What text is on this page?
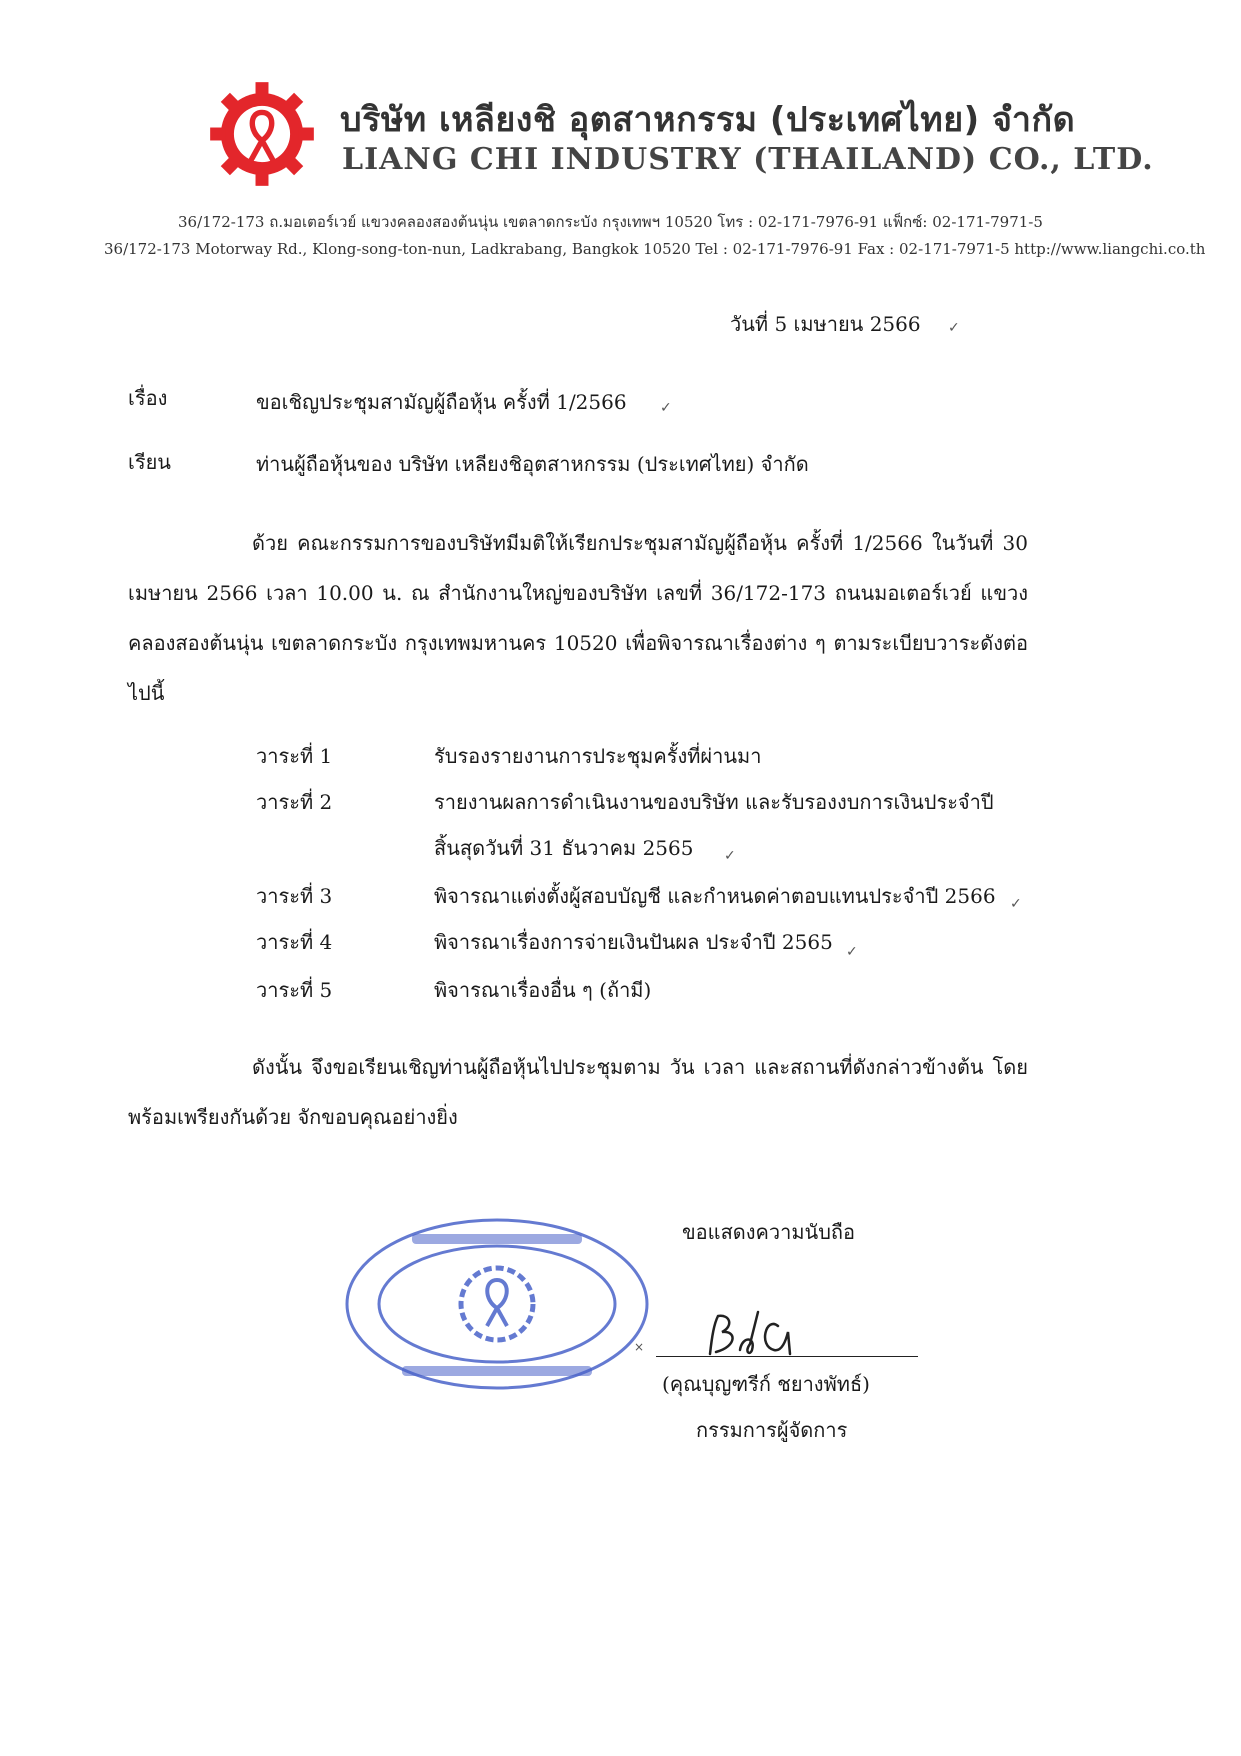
บริษัท เหลียงชิ อุตสาหกรรม (ประเทศไทย) จำกัด
LIANG CHI INDUSTRY (THAILAND) CO., LTD.
36/172-173 ถ.มอเตอร์เวย์ แขวงคลองสองต้นนุ่น เขตลาดกระบัง กรุงเทพฯ 10520 โทร : 02-171-7976-91 แฟ็กซ์: 02-171-7971-5
36/172-173 Motorway Rd., Klong-song-ton-nun, Ladkrabang, Bangkok 10520 Tel : 02-171-7976-91 Fax : 02-171-7971-5 http://www.liangchi.co.th
วันที่ 5 เมษายน 2566 ✓
เรื่อง	ขอเชิญประชุมสามัญผู้ถือหุ้น ครั้งที่ 1/2566 ✓
เรียน	ท่านผู้ถือหุ้นของ บริษัท เหลียงชิอุตสาหกรรม (ประเทศไทย) จำกัด
ด้วย คณะกรรมการของบริษัทมีมติให้เรียกประชุมสามัญผู้ถือหุ้น ครั้งที่ 1/2566 ในวันที่ 30 เมษายน 2566 เวลา 10.00 น. ณ สำนักงานใหญ่ของบริษัท เลขที่ 36/172-173 ถนนมอเตอร์เวย์ แขวงคลองสองต้นนุ่น เขตลาดกระบัง กรุงเทพมหานคร 10520 เพื่อพิจารณาเรื่องต่าง ๆ ตามระเบียบวาระดังต่อไปนี้
วาระที่ 1	รับรองรายงานการประชุมครั้งที่ผ่านมา
วาระที่ 2	รายงานผลการดำเนินงานของบริษัท และรับรองงบการเงินประจำปี
สิ้นสุดวันที่ 31 ธันวาคม 2565 ✓
วาระที่ 3	พิจารณาแต่งตั้งผู้สอบบัญชี และกำหนดค่าตอบแทนประจำปี 2566 ✓
วาระที่ 4	พิจารณาเรื่องการจ่ายเงินปันผล ประจำปี 2565 ✓
วาระที่ 5	พิจารณาเรื่องอื่น ๆ (ถ้ามี)
ดังนั้น จึงขอเรียนเชิญท่านผู้ถือหุ้นไปประชุมตาม วัน เวลา และสถานที่ดังกล่าวข้างต้น โดยพร้อมเพรียงกันด้วย จักขอบคุณอย่างยิ่ง
ขอแสดงความนับถือ
×
(คุณบุญฑรีก์ ชยางพัทธ์)
กรรมการผู้จัดการ
